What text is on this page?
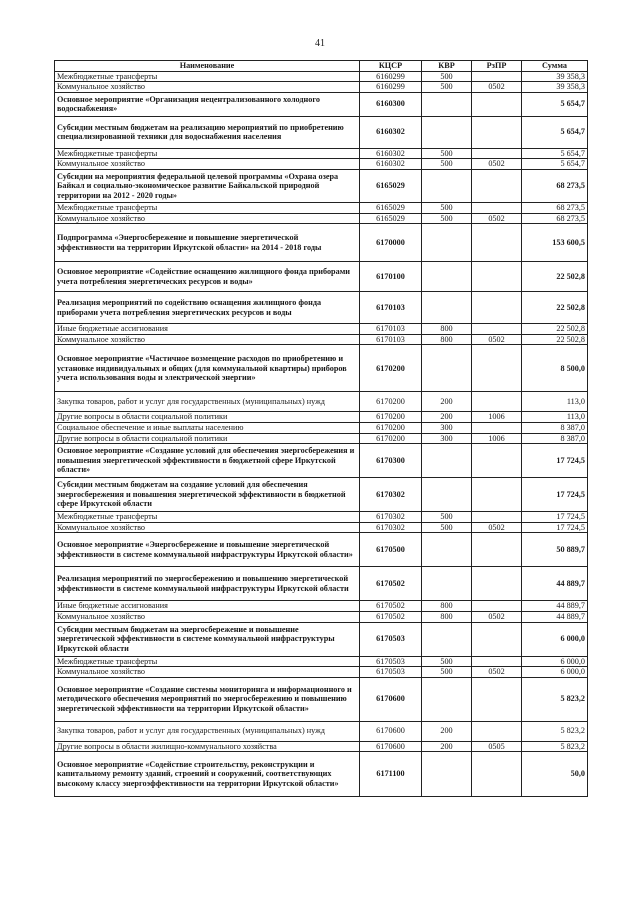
41
Наименование	КЦСР	КВР	РзПР	Сумма
Межбюджетные трансферты	6160299	500		39 358,3
Коммунальное хозяйство	6160299	500	0502	39 358,3
Основное мероприятие «Организация нецентрализованного холодного водоснабжения»	6160300			5 654,7
Субсидии местным бюджетам на реализацию мероприятий по приобретению специализированной техники для водоснабжения населения	6160302			5 654,7
Межбюджетные трансферты	6160302	500		5 654,7
Коммунальное хозяйство	6160302	500	0502	5 654,7
Субсидии на мероприятия федеральной целевой программы «Охрана озера Байкал и социально-экономическое развитие Байкальской природной территории на 2012 - 2020 годы»	6165029			68 273,5
Межбюджетные трансферты	6165029	500		68 273,5
Коммунальное хозяйство	6165029	500	0502	68 273,5
Подпрограмма «Энергосбережение и повышение энергетической эффективности на территории Иркутской области» на 2014 - 2018 годы	6170000			153 600,5
Основное мероприятие «Содействие оснащению жилищного фонда приборами учета потребления энергетических ресурсов и воды»	6170100			22 502,8
Реализация мероприятий по содействию оснащения жилищного фонда приборами учета потребления энергетических ресурсов и воды	6170103			22 502,8
Иные бюджетные ассигнования	6170103	800		22 502,8
Коммунальное хозяйство	6170103	800	0502	22 502,8
Основное мероприятие «Частичное возмещение расходов по приобретению и установке индивидуальных и общих (для коммунальной квартиры) приборов учета использования воды и электрической энергии»	6170200			8 500,0
Закупка товаров, работ и услуг для государственных (муниципальных) нужд	6170200	200		113,0
Другие вопросы в области социальной политики	6170200	200	1006	113,0
Социальное обеспечение и иные выплаты населению	6170200	300		8 387,0
Другие вопросы в области социальной политики	6170200	300	1006	8 387,0
Основное мероприятие «Создание условий для обеспечения энергосбережения и повышения энергетической эффективности в бюджетной сфере Иркутской области»	6170300			17 724,5
Субсидии местным бюджетам на создание условий для обеспечения энергосбережения и повышения энергетической эффективности в бюджетной сфере Иркутской области	6170302			17 724,5
Межбюджетные трансферты	6170302	500		17 724,5
Коммунальное хозяйство	6170302	500	0502	17 724,5
Основное мероприятие «Энергосбережение и повышение энергетической эффективности в системе коммунальной инфраструктуры Иркутской области»	6170500			50 889,7
Реализация мероприятий по энергосбережению и повышению энергетической эффективности в системе коммунальной инфраструктуры Иркутской области	6170502			44 889,7
Иные бюджетные ассигнования	6170502	800		44 889,7
Коммунальное хозяйство	6170502	800	0502	44 889,7
Субсидии местным бюджетам на энергосбережение и повышение энергетической эффективности в системе коммунальной инфраструктуры Иркутской области	6170503			6 000,0
Межбюджетные трансферты	6170503	500		6 000,0
Коммунальное хозяйство	6170503	500	0502	6 000,0
Основное мероприятие «Создание системы мониторинга и информационного и методического обеспечения мероприятий по энергосбережению и повышению энергетической эффективности на территории Иркутской области»	6170600			5 823,2
Закупка товаров, работ и услуг для государственных (муниципальных) нужд	6170600	200		5 823,2
Другие вопросы в области жилищно-коммунального хозяйства	6170600	200	0505	5 823,2
Основное мероприятие «Содействие строительству, реконструкции и капитальному ремонту зданий, строений и сооружений, соответствующих высокому классу энергоэффективности на территории Иркутской области»	6171100			50,0
